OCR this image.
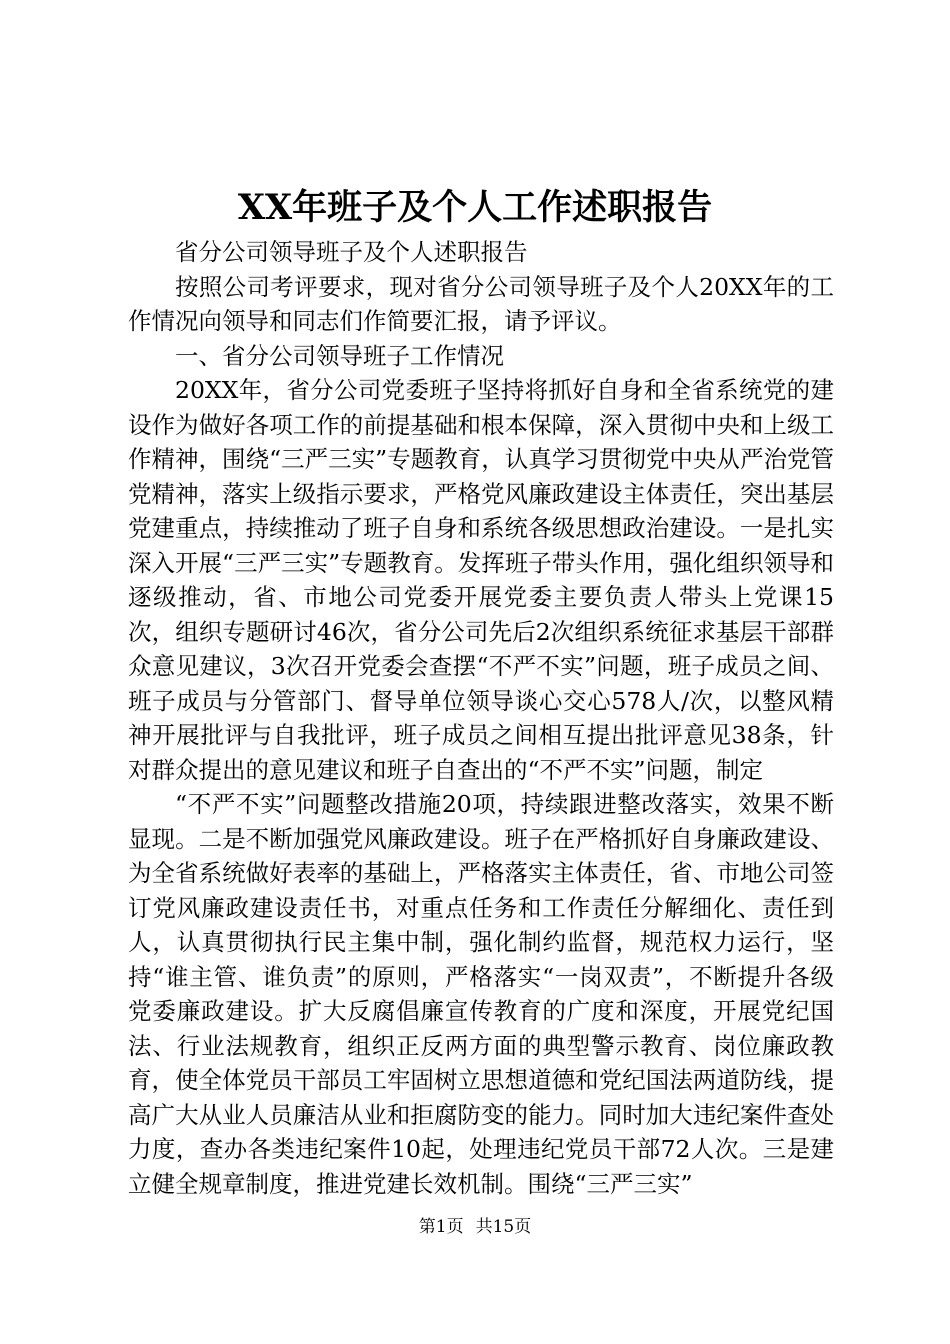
XX年班子及个人工作述职报告

省分公司领导班子及个人述职报告

按照公司考评要求，现对省分公司领导班子及个人20XX年的工作情况向领导和同志们作简要汇报，请予评议。

一、省分公司领导班子工作情况

20XX年，省分公司党委班子坚持将抓好自身和全省系统党的建设作为做好各项工作的前提基础和根本保障，深入贯彻中央和上级工作精神，围绕“三严三实”专题教育，认真学习贯彻党中央从严治党管党精神，落实上级指示要求，严格党风廉政建设主体责任，突出基层党建重点，持续推动了班子自身和系统各级思想政治建设。一是扎实深入开展“三严三实”专题教育。发挥班子带头作用，强化组织领导和逐级推动，省、市地公司党委开展党委主要负责人带头上党课15次，组织专题研讨46次，省分公司先后2次组织系统征求基层干部群众意见建议，3次召开党委会查摆“不严不实”问题，班子成员之间、班子成员与分管部门、督导单位领导谈心交心578人/次，以整风精神开展批评与自我批评，班子成员之间相互提出批评意见38条，针对群众提出的意见建议和班子自查出的“不严不实”问题，制定

“不严不实”问题整改措施20项，持续跟进整改落实，效果不断显现。二是不断加强党风廉政建设。班子在严格抓好自身廉政建设、为全省系统做好表率的基础上，严格落实主体责任，省、市地公司签订党风廉政建设责任书，对重点任务和工作责任分解细化、责任到人，认真贯彻执行民主集中制，强化制约监督，规范权力运行，坚持“谁主管、谁负责”的原则，严格落实“一岗双责”，不断提升各级党委廉政建设。扩大反腐倡廉宣传教育的广度和深度，开展党纪国法、行业法规教育，组织正反两方面的典型警示教育、岗位廉政教育，使全体党员干部员工牢固树立思想道德和党纪国法两道防线，提高广大从业人员廉洁从业和拒腐防变的能力。同时加大违纪案件查处力度，查办各类违纪案件10起，处理违纪党员干部72人次。三是建立健全规章制度，推进党建长效机制。围绕“三严三实”

第1页 共15页
